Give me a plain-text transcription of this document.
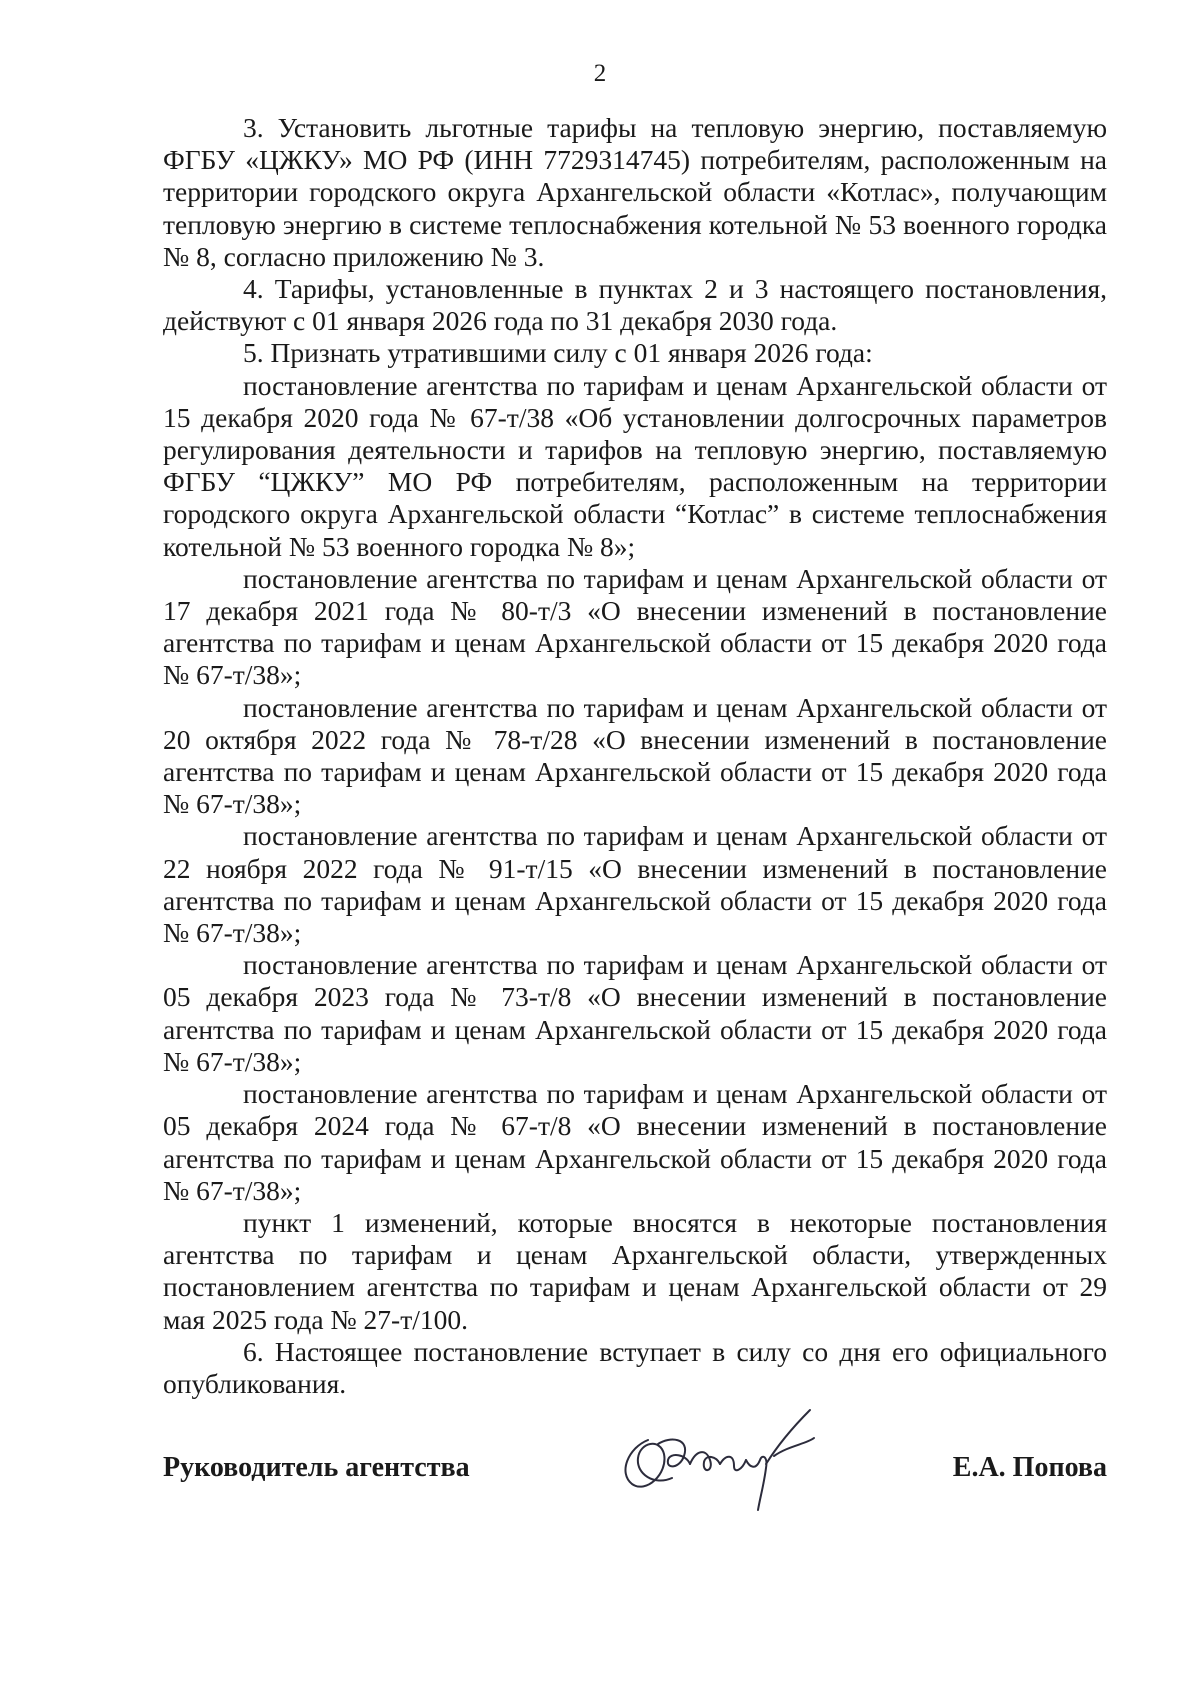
2

3. Установить льготные тарифы на тепловую энергию, поставляемую ФГБУ «ЦЖКУ» МО РФ (ИНН 7729314745) потребителям, расположенным на территории городского округа Архангельской области «Котлас», получающим тепловую энергию в системе теплоснабжения котельной № 53 военного городка № 8, согласно приложению № 3.

4. Тарифы, установленные в пунктах 2 и 3 настоящего постановления, действуют с 01 января 2026 года по 31 декабря 2030 года.

5. Признать утратившими силу с 01 января 2026 года:

постановление агентства по тарифам и ценам Архангельской области от 15 декабря 2020 года № 67-т/38 «Об установлении долгосрочных параметров регулирования деятельности и тарифов на тепловую энергию, поставляемую ФГБУ “ЦЖКУ” МО РФ потребителям, расположенным на территории городского округа Архангельской области “Котлас” в системе теплоснабжения котельной № 53 военного городка № 8»;

постановление агентства по тарифам и ценам Архангельской области от 17 декабря 2021 года № 80-т/3 «О внесении изменений в постановление агентства по тарифам и ценам Архангельской области от 15 декабря 2020 года № 67-т/38»;

постановление агентства по тарифам и ценам Архангельской области от 20 октября 2022 года № 78-т/28 «О внесении изменений в постановление агентства по тарифам и ценам Архангельской области от 15 декабря 2020 года № 67-т/38»;

постановление агентства по тарифам и ценам Архангельской области от 22 ноября 2022 года № 91-т/15 «О внесении изменений в постановление агентства по тарифам и ценам Архангельской области от 15 декабря 2020 года № 67-т/38»;

постановление агентства по тарифам и ценам Архангельской области от 05 декабря 2023 года № 73-т/8 «О внесении изменений в постановление агентства по тарифам и ценам Архангельской области от 15 декабря 2020 года № 67-т/38»;

постановление агентства по тарифам и ценам Архангельской области от 05 декабря 2024 года № 67-т/8 «О внесении изменений в постановление агентства по тарифам и ценам Архангельской области от 15 декабря 2020 года № 67-т/38»;

пункт 1 изменений, которые вносятся в некоторые постановления агентства по тарифам и ценам Архангельской области, утвержденных постановлением агентства по тарифам и ценам Архангельской области от 29 мая 2025 года № 27-т/100.

6. Настоящее постановление вступает в силу со дня его официального опубликования.

Руководитель агентства	Е.А. Попова
